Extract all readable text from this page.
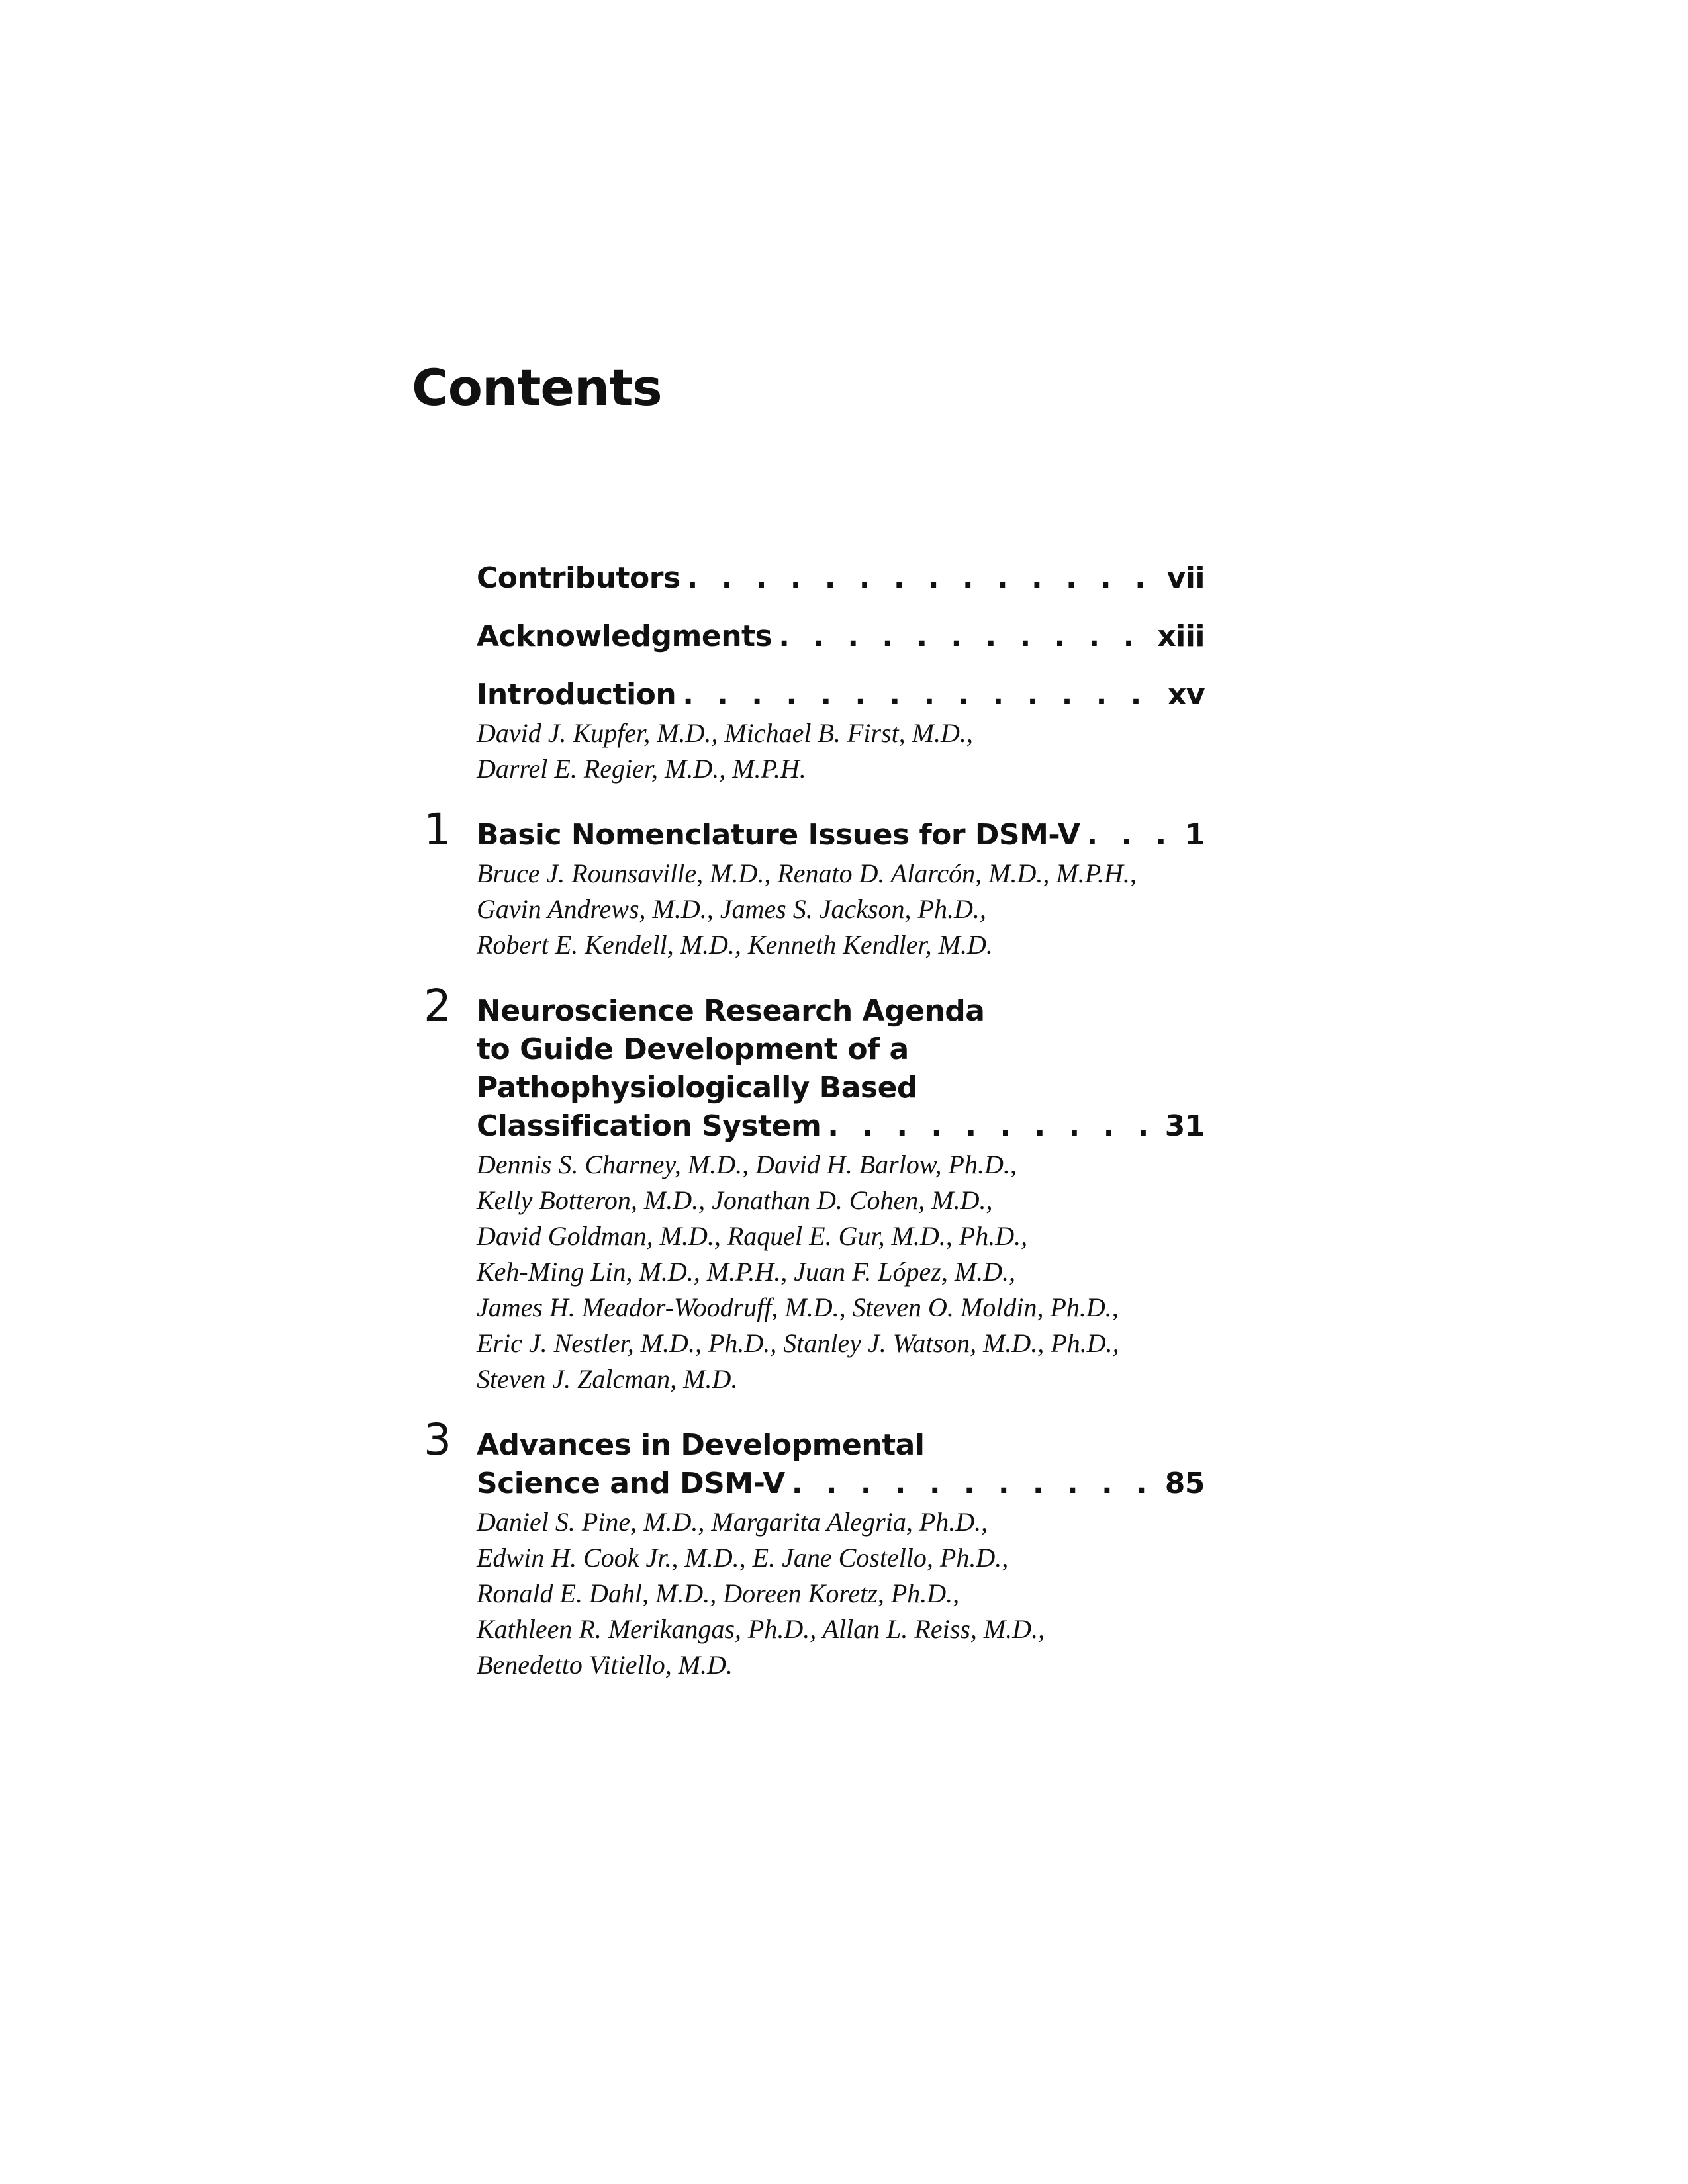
Contents
Contributors . . .	vii
Acknowledgments . . .	xiii
Introduction . . .	xv
David J. Kupfer, M.D., Michael B. First, M.D.,
Darrel E. Regier, M.D., M.P.H.
1 Basic Nomenclature Issues for DSM-V . . .	1
Bruce J. Rounsaville, M.D., Renato D. Alarcón, M.D., M.P.H.,
Gavin Andrews, M.D., James S. Jackson, Ph.D.,
Robert E. Kendell, M.D., Kenneth Kendler, M.D.
2 Neuroscience Research Agenda
to Guide Development of a
Pathophysiologically Based
Classification System . . .	31
Dennis S. Charney, M.D., David H. Barlow, Ph.D.,
Kelly Botteron, M.D., Jonathan D. Cohen, M.D.,
David Goldman, M.D., Raquel E. Gur, M.D., Ph.D.,
Keh-Ming Lin, M.D., M.P.H., Juan F. López, M.D.,
James H. Meador-Woodruff, M.D., Steven O. Moldin, Ph.D.,
Eric J. Nestler, M.D., Ph.D., Stanley J. Watson, M.D., Ph.D.,
Steven J. Zalcman, M.D.
3 Advances in Developmental
Science and DSM-V . . .	85
Daniel S. Pine, M.D., Margarita Alegria, Ph.D.,
Edwin H. Cook Jr., M.D., E. Jane Costello, Ph.D.,
Ronald E. Dahl, M.D., Doreen Koretz, Ph.D.,
Kathleen R. Merikangas, Ph.D., Allan L. Reiss, M.D.,
Benedetto Vitiello, M.D.
